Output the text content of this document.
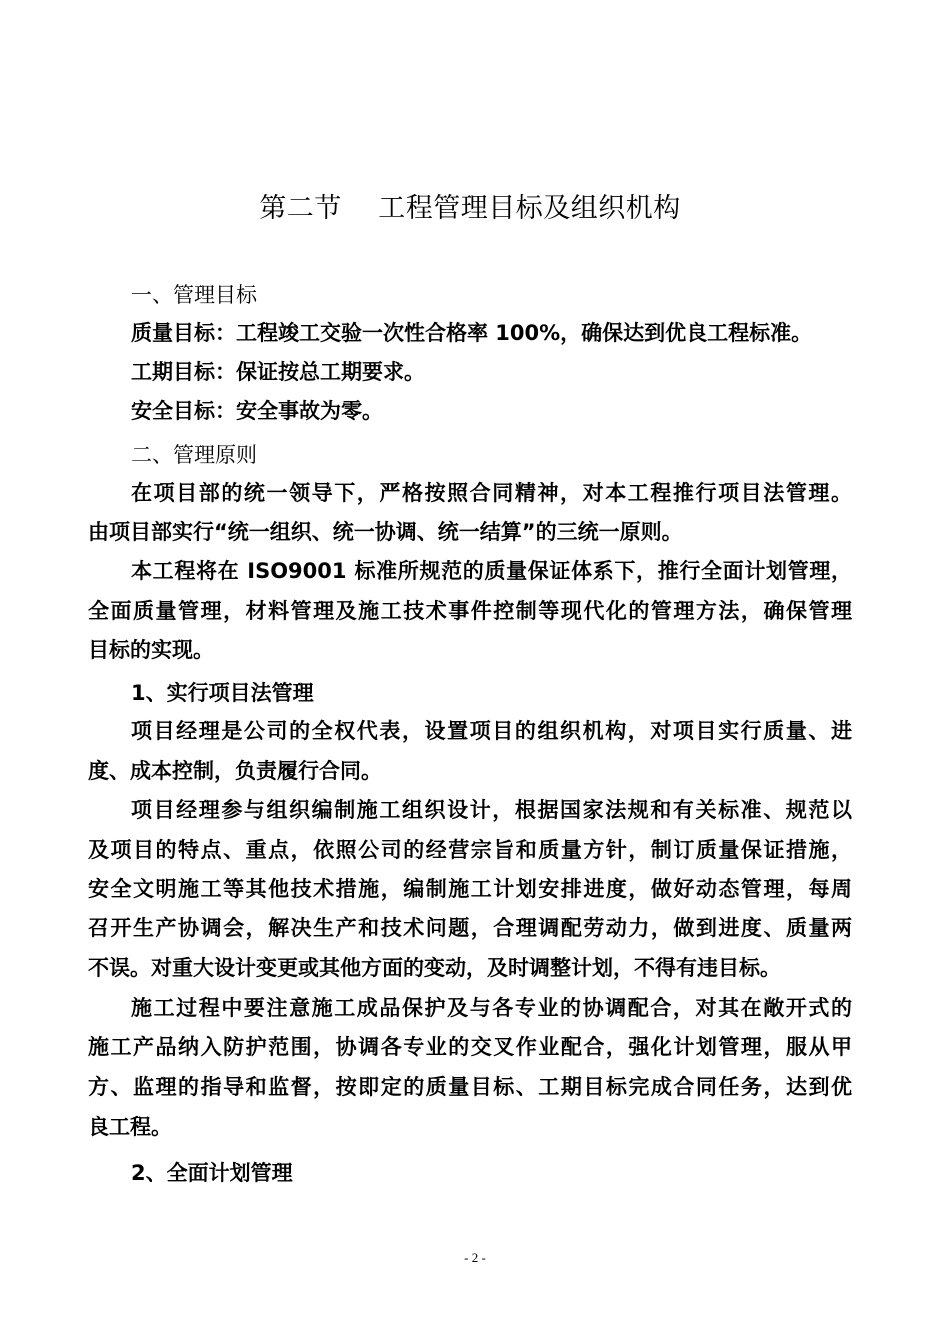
第二节　 工程管理目标及组织机构
一、管理目标
质量目标：工程竣工交验一次性合格率 100%，确保达到优良工程标准。
工期目标：保证按总工期要求。
安全目标：安全事故为零。
二、管理原则
在项目部的统一领导下，严格按照合同精神，对本工程推行项目法管理。
由项目部实行“统一组织、统一协调、统一结算”的三统一原则。
本工程将在 ISO9001 标准所规范的质量保证体系下，推行全面计划管理，
全面质量管理，材料管理及施工技术事件控制等现代化的管理方法，确保管理
目标的实现。
1、实行项目法管理
项目经理是公司的全权代表，设置项目的组织机构，对项目实行质量、进
度、成本控制，负责履行合同。
项目经理参与组织编制施工组织设计，根据国家法规和有关标准、规范以
及项目的特点、重点，依照公司的经营宗旨和质量方针，制订质量保证措施，
安全文明施工等其他技术措施，编制施工计划安排进度，做好动态管理，每周
召开生产协调会，解决生产和技术问题，合理调配劳动力，做到进度、质量两
不误。对重大设计变更或其他方面的变动，及时调整计划，不得有违目标。
施工过程中要注意施工成品保护及与各专业的协调配合，对其在敞开式的
施工产品纳入防护范围，协调各专业的交叉作业配合，强化计划管理，服从甲
方、监理的指导和监督，按即定的质量目标、工期目标完成合同任务，达到优
良工程。
2、全面计划管理
- 2 -
